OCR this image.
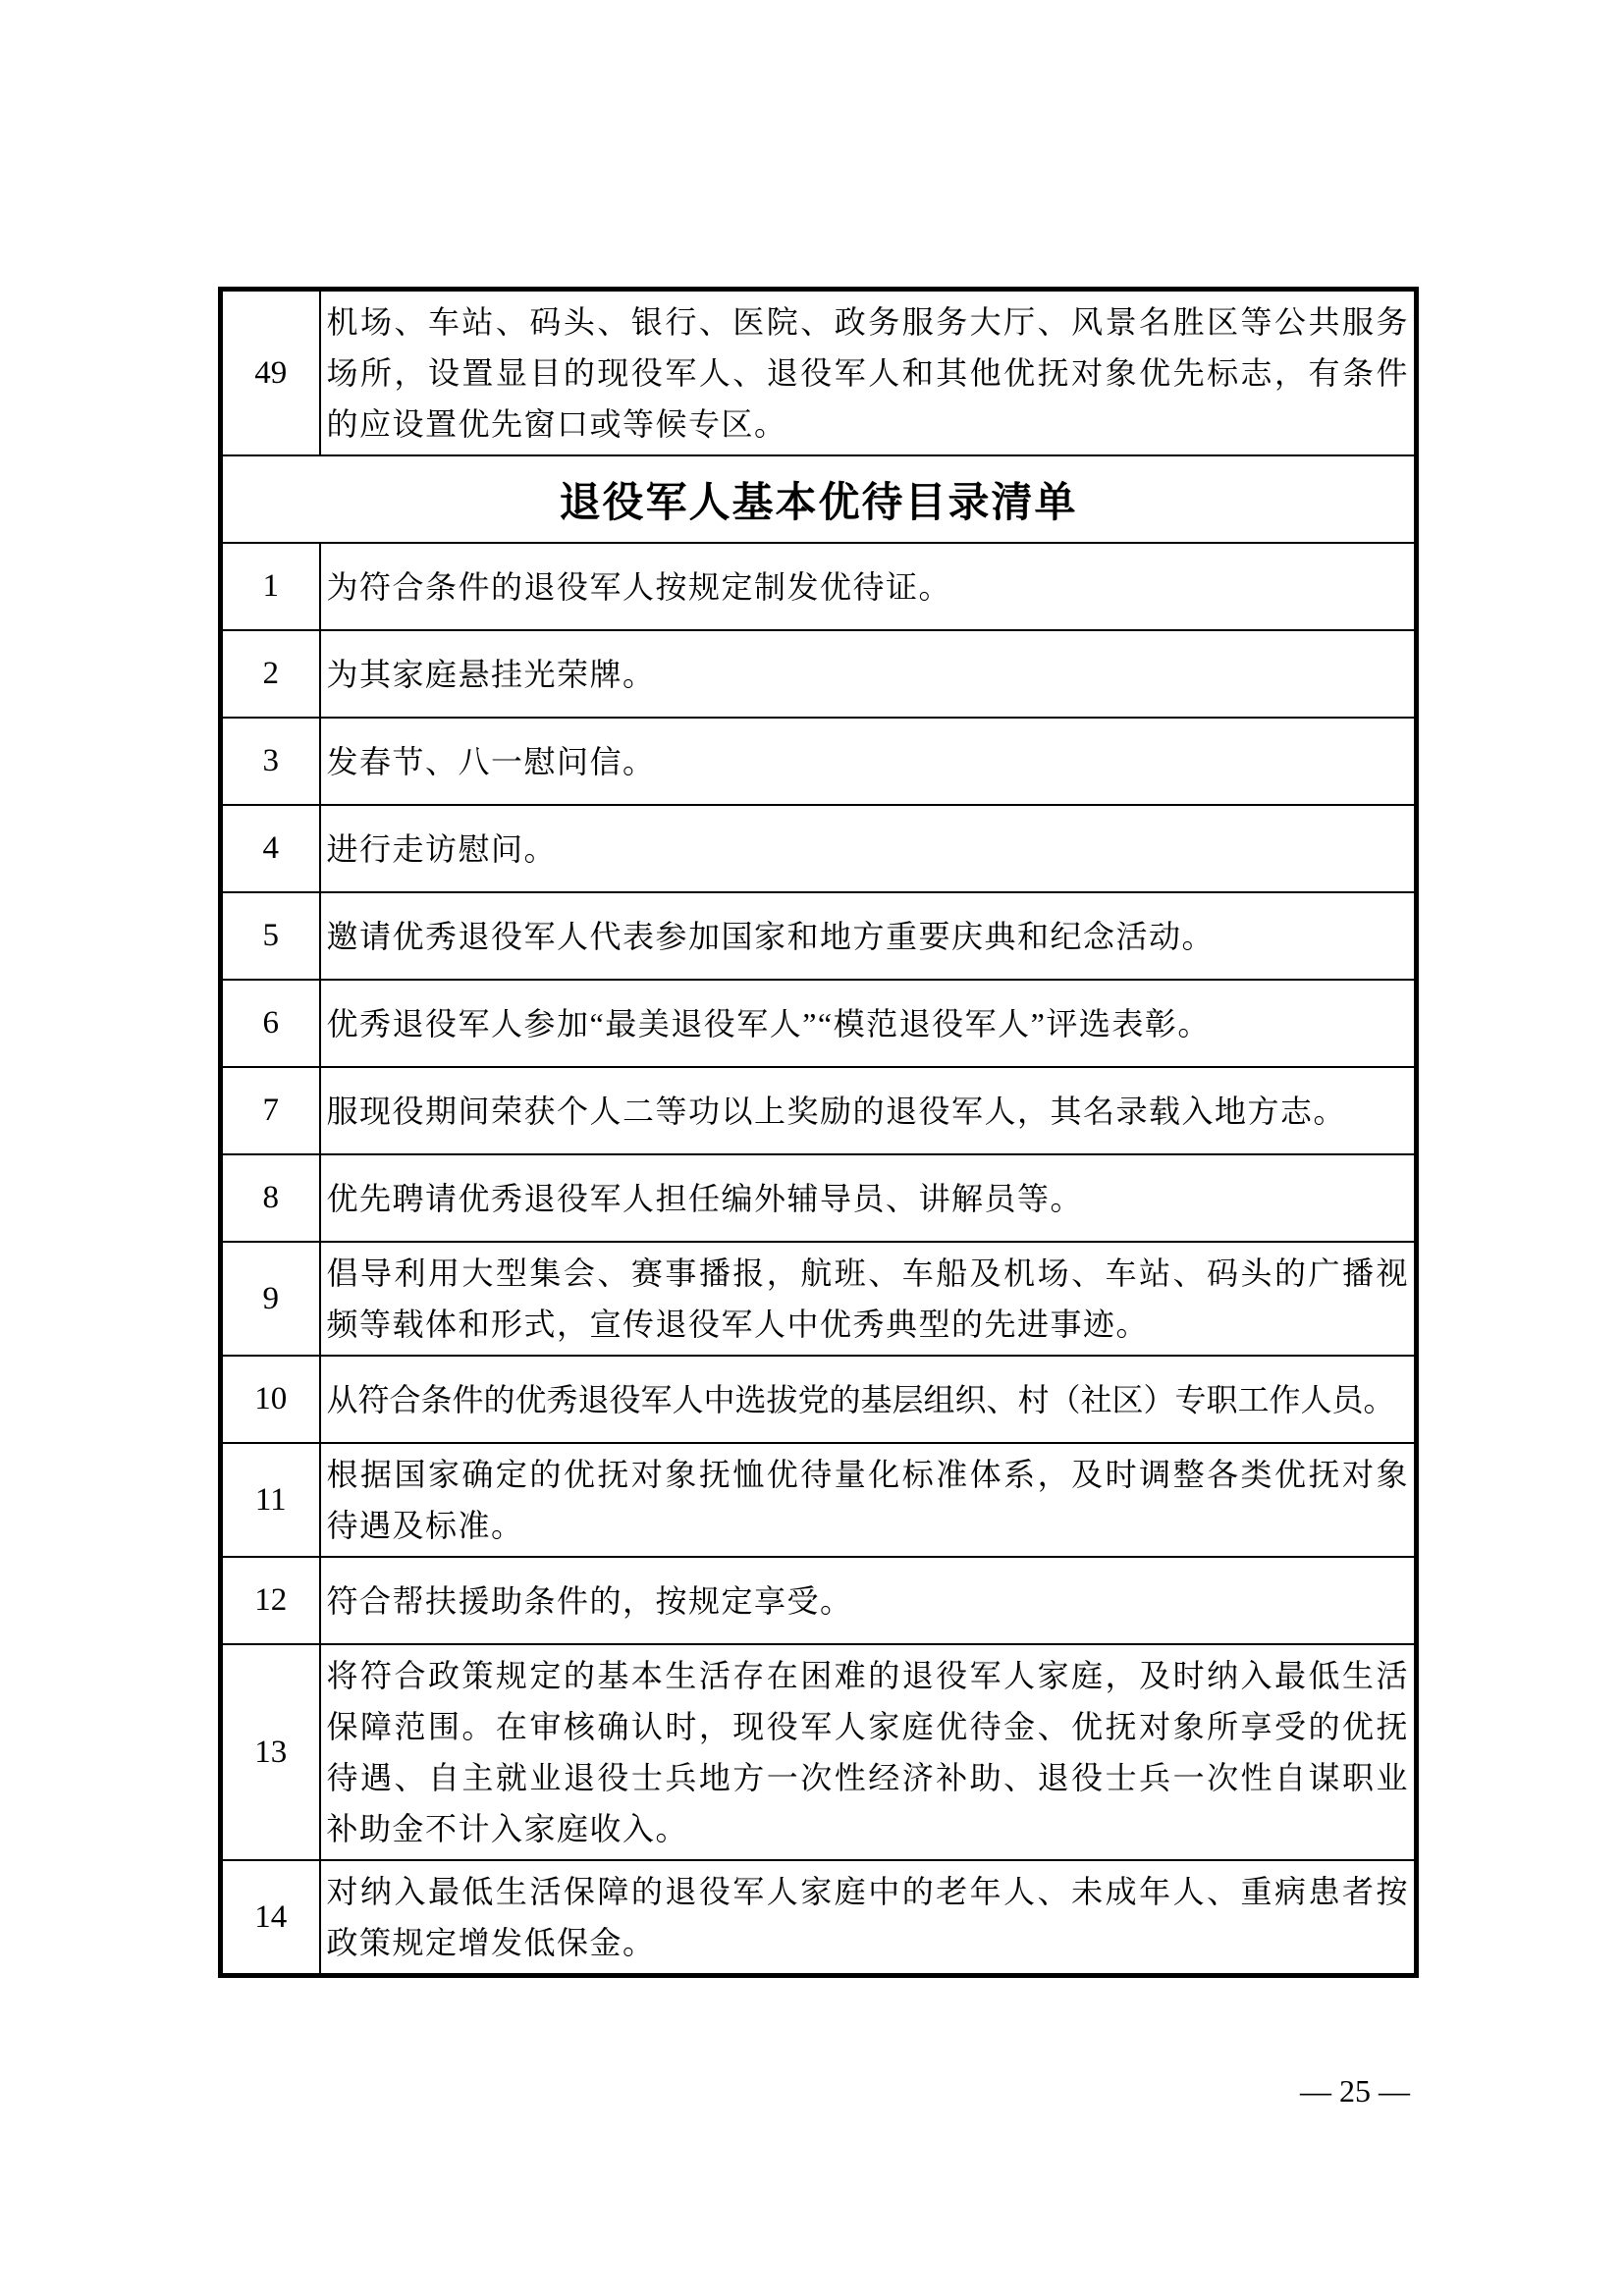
49	机场、车站、码头、银行、医院、政务服务大厅、风景名胜区等公共服务场所，设置显目的现役军人、退役军人和其他优抚对象优先标志，有条件的应设置优先窗口或等候专区。
退役军人基本优待目录清单	
1	为符合条件的退役军人按规定制发优待证。
2	为其家庭悬挂光荣牌。
3	发春节、八一慰问信。
4	进行走访慰问。
5	邀请优秀退役军人代表参加国家和地方重要庆典和纪念活动。
6	优秀退役军人参加“最美退役军人”“模范退役军人”评选表彰。
7	服现役期间荣获个人二等功以上奖励的退役军人，其名录载入地方志。
8	优先聘请优秀退役军人担任编外辅导员、讲解员等。
9	倡导利用大型集会、赛事播报，航班、车船及机场、车站、码头的广播视频等载体和形式，宣传退役军人中优秀典型的先进事迹。
10	从符合条件的优秀退役军人中选拔党的基层组织、村（社区）专职工作人员。
11	根据国家确定的优抚对象抚恤优待量化标准体系，及时调整各类优抚对象待遇及标准。
12	符合帮扶援助条件的，按规定享受。
13	将符合政策规定的基本生活存在困难的退役军人家庭，及时纳入最低生活保障范围。在审核确认时，现役军人家庭优待金、优抚对象所享受的优抚待遇、自主就业退役士兵地方一次性经济补助、退役士兵一次性自谋职业补助金不计入家庭收入。
14	对纳入最低生活保障的退役军人家庭中的老年人、未成年人、重病患者按政策规定增发低保金。
— 25 —
